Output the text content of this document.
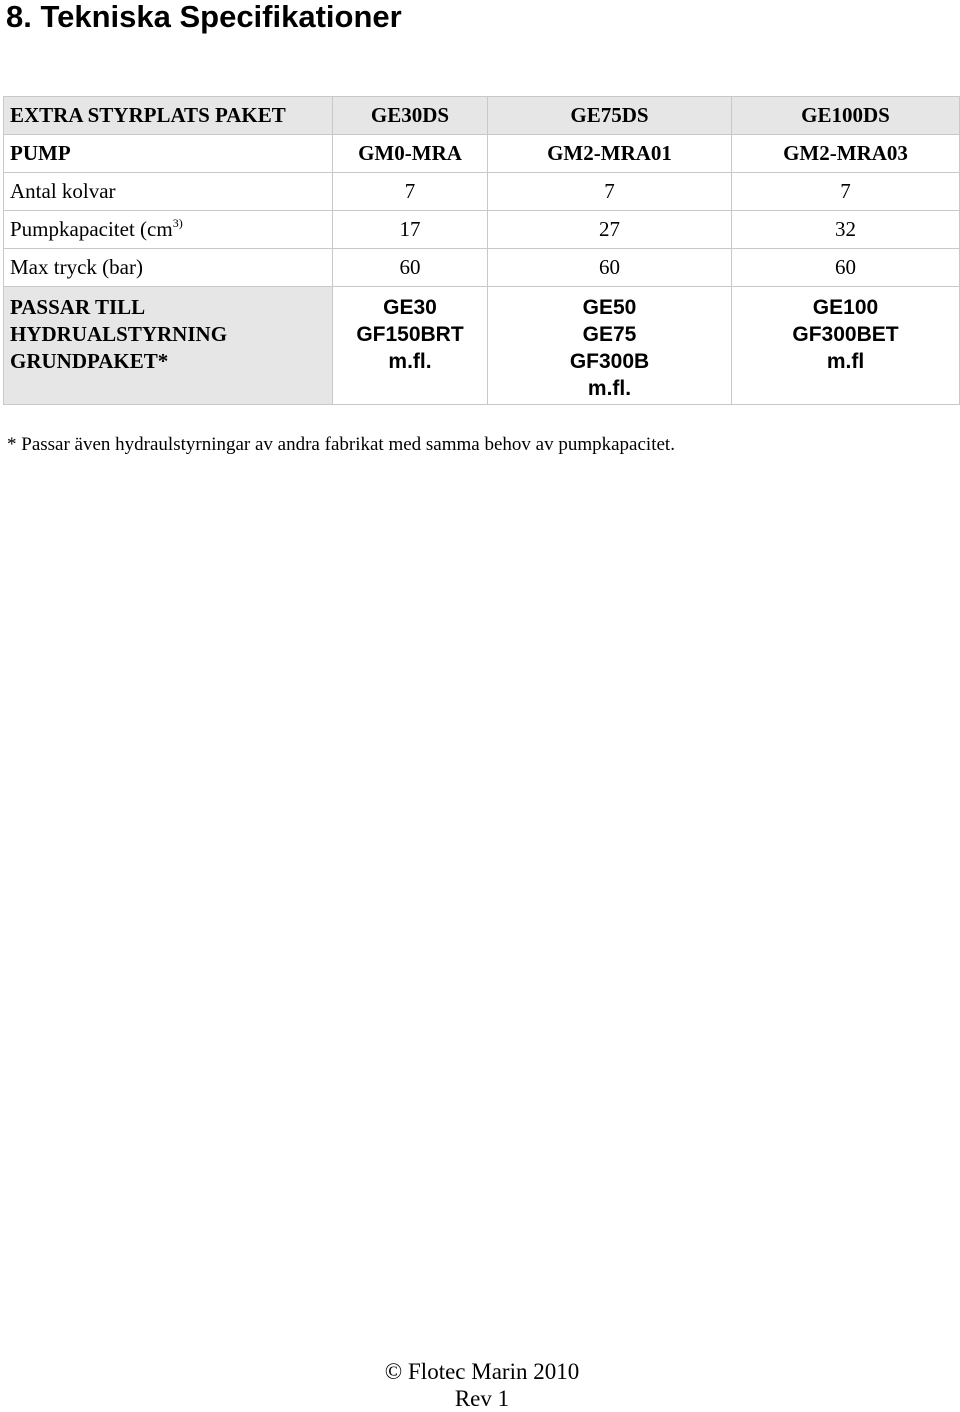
8. Tekniska Specifikationer
EXTRA STYRPLATS PAKET	GE30DS	GE75DS	GE100DS
PUMP	GM0-MRA	GM2-MRA01	GM2-MRA03
Antal kolvar	7	7	7
Pumpkapacitet ($cm^{3)}$	17	27	32
Max tryck (bar)	60	60	60

PASSAR TILL
HYDRUALSTYRNING
GRUNDPAKET*	GE30
GF150BRT
m.fl.	GE50
GE75
GF300B
m.fl.	GE100
GF300BET
m.fl
* Passar även hydraulstyrningar av andra fabrikat med samma behov av pumpkapacitet.
© Flotec Marin 2010
Rev 1
